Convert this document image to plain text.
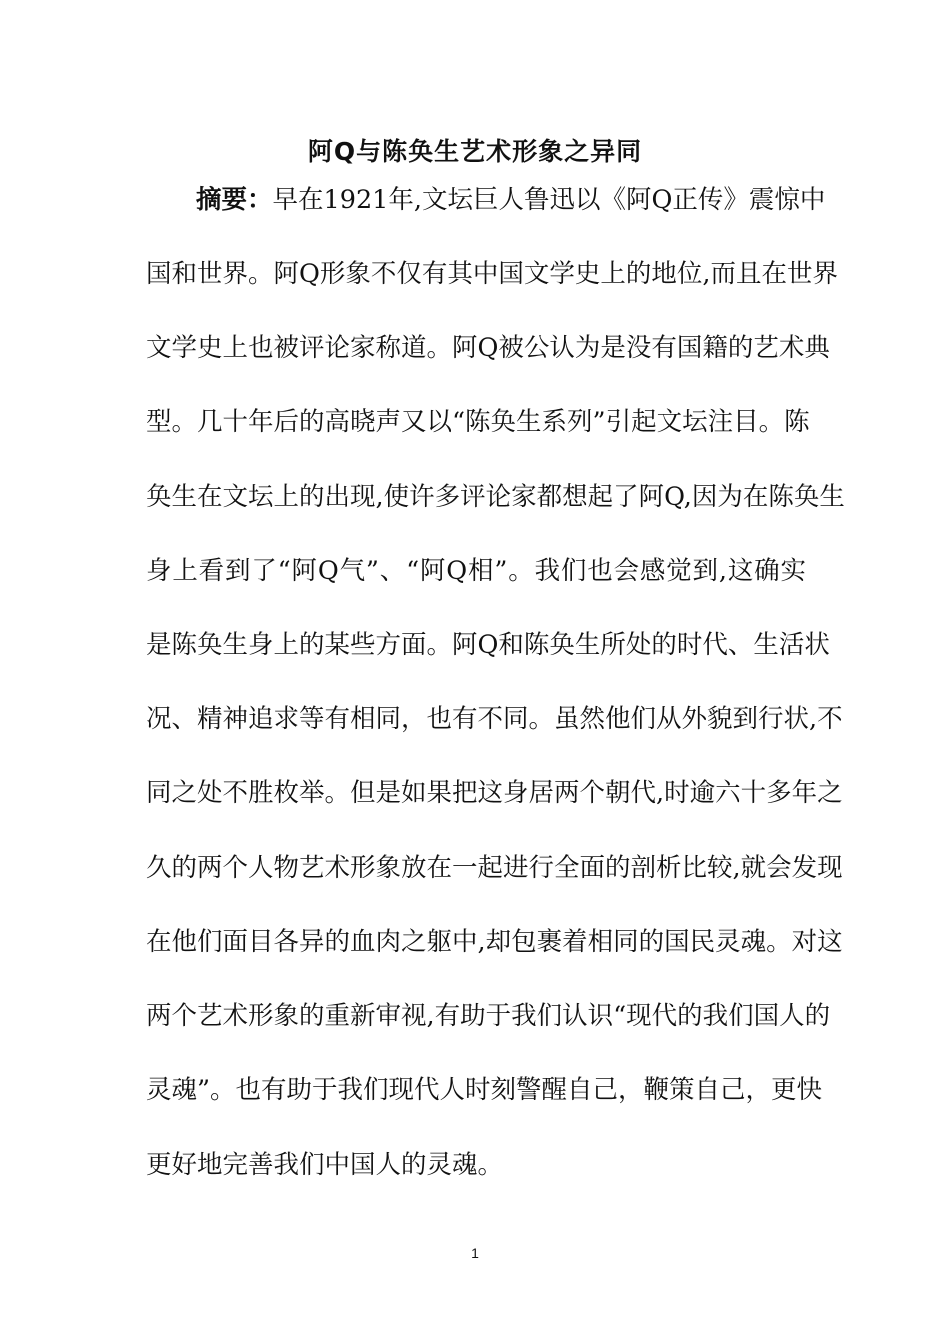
阿Q与陈奂生艺术形象之异同
摘要：早在1921年,文坛巨人鲁迅以《阿Q正传》震惊中
国和世界。阿Q形象不仅有其中国文学史上的地位,而且在世界
文学史上也被评论家称道。阿Q被公认为是没有国籍的艺术典
型。几十年后的高晓声又以“陈奂生系列”引起文坛注目。陈
奂生在文坛上的出现,使许多评论家都想起了阿Q,因为在陈奂生
身上看到了“阿Q气”、“阿Q相”。我们也会感觉到,这确实
是陈奂生身上的某些方面。阿Q和陈奂生所处的时代、生活状
况、精神追求等有相同，也有不同。虽然他们从外貌到行状,不
同之处不胜枚举。但是如果把这身居两个朝代,时逾六十多年之
久的两个人物艺术形象放在一起进行全面的剖析比较,就会发现
在他们面目各异的血肉之躯中,却包裹着相同的国民灵魂。对这
两个艺术形象的重新审视,有助于我们认识“现代的我们国人的
灵魂”。也有助于我们现代人时刻警醒自己，鞭策自己，更快
更好地完善我们中国人的灵魂。
1
